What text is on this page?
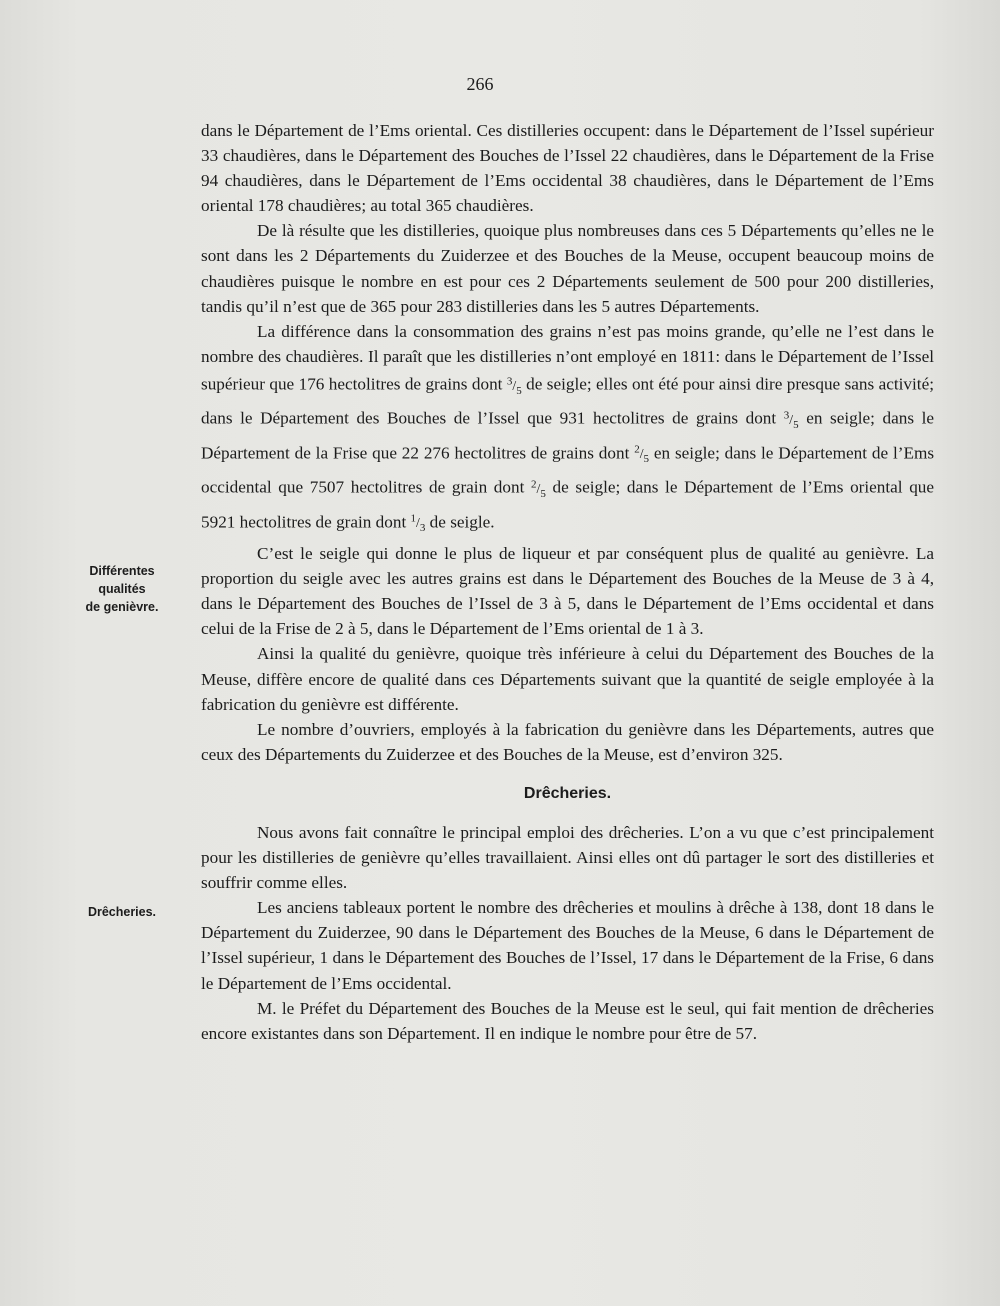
266
Différentes
qualités
de genièvre.
Drêcheries.

dans le Département de l’Ems oriental. Ces distilleries occupent: dans le Département de l’Issel supérieur 33 chaudières, dans le Département des Bouches de l’Issel 22 chaudières, dans le Département de la Frise 94 chaudières, dans le Département de l’Ems occidental 38 chaudières, dans le Département de l’Ems oriental 178 chaudières; au total 365 chaudières.

De là résulte que les distilleries, quoique plus nombreuses dans ces 5 Départements qu’elles ne le sont dans les 2 Départements du Zuiderzee et des Bouches de la Meuse, occupent beaucoup moins de chaudières puisque le nombre en est pour ces 2 Départements seulement de 500 pour 200 distilleries, tandis qu’il n’est que de 365 pour 283 distilleries dans les 5 autres Départements.

La différence dans la consommation des grains n’est pas moins grande, qu’elle ne l’est dans le nombre des chaudières. Il paraît que les distilleries n’ont employé en 1811: dans le Département de l’Issel supérieur que 176 hectolitres de grains dont $^3/_5$ de seigle; elles ont été pour ainsi dire presque sans activité; dans le Département des Bouches de l’Issel que 931 hectolitres de grains dont $^3/_5$ en seigle; dans le Département de la Frise que 22 276 hectolitres de grains dont $^2/_5$ en seigle; dans le Département de l’Ems occidental que 7507 hectolitres de grain dont $^2/_5$ de seigle; dans le Département de l’Ems oriental que 5921 hectolitres de grain dont $^1/_3$ de seigle.

C’est le seigle qui donne le plus de liqueur et par conséquent plus de qualité au genièvre. La proportion du seigle avec les autres grains est dans le Département des Bouches de la Meuse de 3 à 4, dans le Département des Bouches de l’Issel de 3 à 5, dans le Département de l’Ems occidental et dans celui de la Frise de 2 à 5, dans le Département de l’Ems oriental de 1 à 3.

Ainsi la qualité du genièvre, quoique très inférieure à celui du Département des Bouches de la Meuse, diffère encore de qualité dans ces Départements suivant que la quantité de seigle employée à la fabrication du genièvre est différente.

Le nombre d’ouvriers, employés à la fabrication du genièvre dans les Départements, autres que ceux des Départements du Zuiderzee et des Bouches de la Meuse, est d’environ 325.

Drêcheries.

Nous avons fait connaître le principal emploi des drêcheries. L’on a vu que c’est principalement pour les distilleries de genièvre qu’elles travaillaient. Ainsi elles ont dû partager le sort des distilleries et souffrir comme elles.

Les anciens tableaux portent le nombre des drêcheries et moulins à drêche à 138, dont 18 dans le Département du Zuiderzee, 90 dans le Département des Bouches de la Meuse, 6 dans le Département de l’Issel supérieur, 1 dans le Département des Bouches de l’Issel, 17 dans le Département de la Frise, 6 dans le Département de l’Ems occidental.

M. le Préfet du Département des Bouches de la Meuse est le seul, qui fait mention de drêcheries encore existantes dans son Département. Il en indique le nombre pour être de 57.
